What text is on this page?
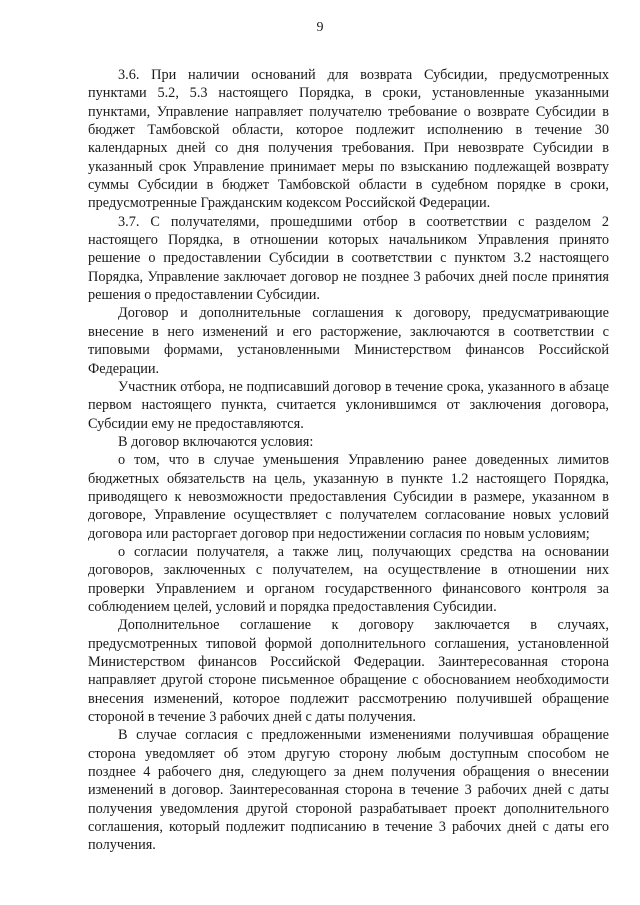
9

3.6. При наличии оснований для возврата Субсидии, предусмотренных пунктами 5.2, 5.3 настоящего Порядка, в сроки, установленные указанными пунктами, Управление направляет получателю требование о возврате Субсидии в бюджет Тамбовской области, которое подлежит исполнению в течение 30 календарных дней со дня получения требования. При невозврате Субсидии в указанный срок Управление принимает меры по взысканию подлежащей возврату суммы Субсидии в бюджет Тамбовской области в судебном порядке в сроки, предусмотренные Гражданским кодексом Российской Федерации.

3.7. С получателями, прошедшими отбор в соответствии с разделом 2 настоящего Порядка, в отношении которых начальником Управления принято решение о предоставлении Субсидии в соответствии с пунктом 3.2 настоящего Порядка, Управление заключает договор не позднее 3 рабочих дней после принятия решения о предоставлении Субсидии.

Договор и дополнительные соглашения к договору, предусматривающие внесение в него изменений и его расторжение, заключаются в соответствии с типовыми формами, установленными Министерством финансов Российской Федерации.

Участник отбора, не подписавший договор в течение срока, указанного в абзаце первом настоящего пункта, считается уклонившимся от заключения договора, Субсидии ему не предоставляются.

В договор включаются условия:

о том, что в случае уменьшения Управлению ранее доведенных лимитов бюджетных обязательств на цель, указанную в пункте 1.2 настоящего Порядка, приводящего к невозможности предоставления Субсидии в размере, указанном в договоре, Управление осуществляет с получателем согласование новых условий договора или расторгает договор при недостижении согласия по новым условиям;

о согласии получателя, а также лиц, получающих средства на основании договоров, заключенных с получателем, на осуществление в отношении них проверки Управлением и органом государственного финансового контроля за соблюдением целей, условий и порядка предоставления Субсидии.

Дополнительное соглашение к договору заключается в случаях, предусмотренных типовой формой дополнительного соглашения, установленной Министерством финансов Российской Федерации. Заинтересованная сторона направляет другой стороне письменное обращение с обоснованием необходимости внесения изменений, которое подлежит рассмотрению получившей обращение стороной в течение 3 рабочих дней с даты получения.

В случае согласия с предложенными изменениями получившая обращение сторона уведомляет об этом другую сторону любым доступным способом не позднее 4 рабочего дня, следующего за днем получения обращения о внесении изменений в договор. Заинтересованная сторона в течение 3 рабочих дней с даты получения уведомления другой стороной разрабатывает проект дополнительного соглашения, который подлежит подписанию в течение 3 рабочих дней с даты его получения.
